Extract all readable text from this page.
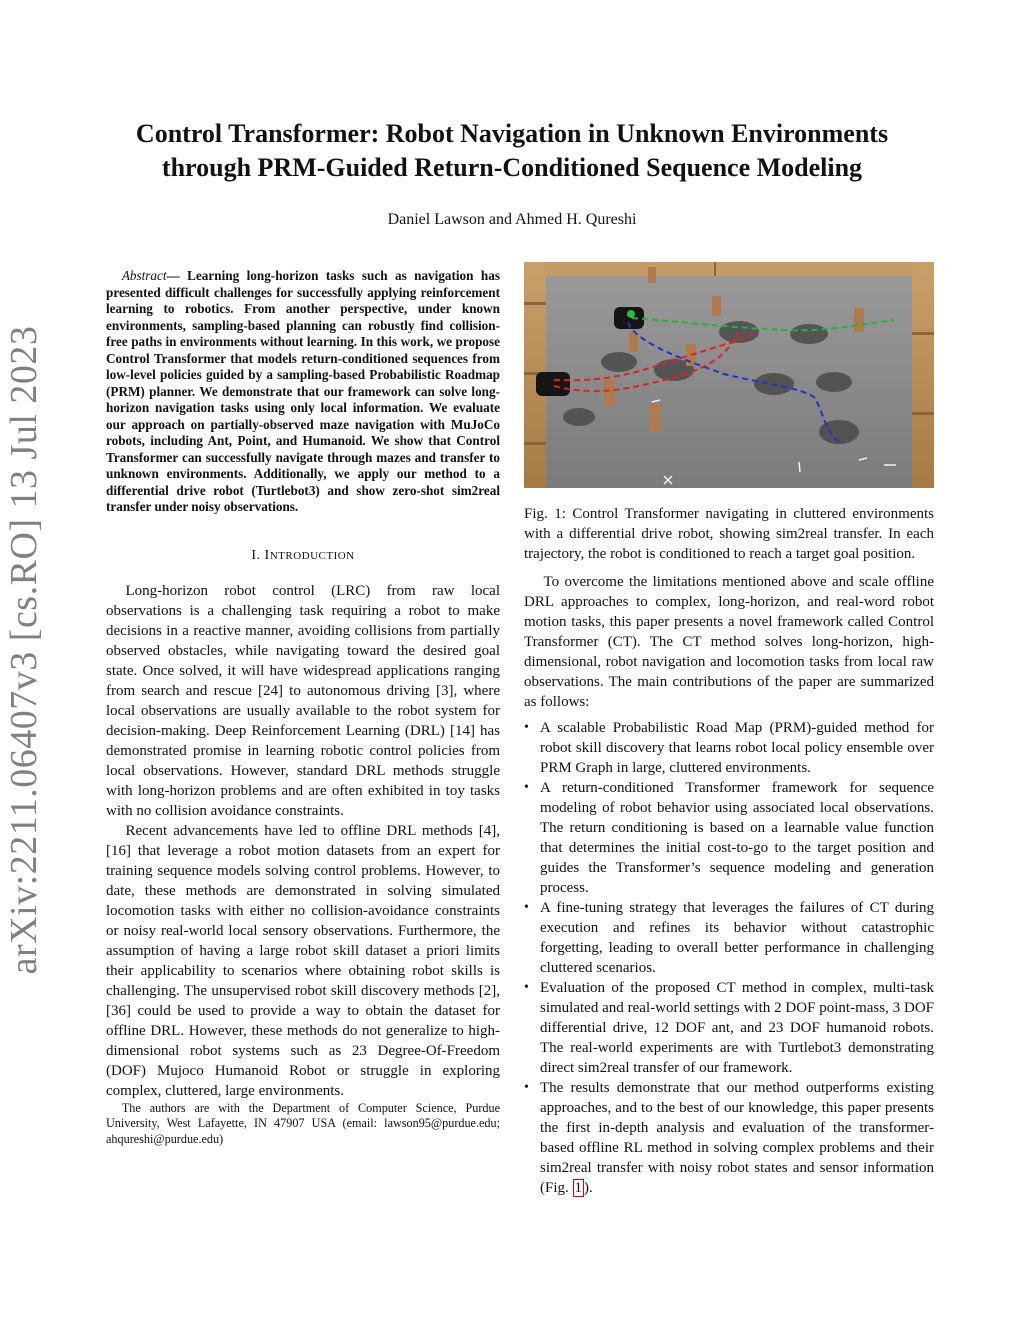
arXiv:2211.06407v3 [cs.RO] 13 Jul 2023
Control Transformer: Robot Navigation in Unknown Environments
through PRM-Guided Return-Conditioned Sequence Modeling
Daniel Lawson and Ahmed H. Qureshi

Abstract— Learning long-horizon tasks such as navigation has presented difficult challenges for successfully applying reinforcement learning to robotics. From another perspective, under known environments, sampling-based planning can robustly find collision-free paths in environments without learning. In this work, we propose Control Transformer that models return-conditioned sequences from low-level policies guided by a sampling-based Probabilistic Roadmap (PRM) planner. We demonstrate that our framework can solve long-horizon navigation tasks using only local information. We evaluate our approach on partially-observed maze navigation with MuJoCo robots, including Ant, Point, and Humanoid. We show that Control Transformer can successfully navigate through mazes and transfer to unknown environments. Additionally, we apply our method to a differential drive robot (Turtlebot3) and show zero-shot sim2real transfer under noisy observations.

I. INTRODUCTION

Long-horizon robot control (LRC) from raw local observations is a challenging task requiring a robot to make decisions in a reactive manner, avoiding collisions from partially observed obstacles, while navigating toward the desired goal state. Once solved, it will have widespread applications ranging from search and rescue [24] to autonomous driving [3], where local observations are usually available to the robot system for decision-making. Deep Reinforcement Learning (DRL) [14] has demonstrated promise in learning robotic control policies from local observations. However, standard DRL methods struggle with long-horizon problems and are often exhibited in toy tasks with no collision avoidance constraints.

Recent advancements have led to offline DRL methods [4], [16] that leverage a robot motion datasets from an expert for training sequence models solving control problems. However, to date, these methods are demonstrated in solving simulated locomotion tasks with either no collision-avoidance constraints or noisy real-world local sensory observations. Furthermore, the assumption of having a large robot skill dataset a priori limits their applicability to scenarios where obtaining robot skills is challenging. The unsupervised robot skill discovery methods [2], [36] could be used to provide a way to obtain the dataset for offline DRL. However, these methods do not generalize to high-dimensional robot systems such as 23 Degree-Of-Freedom (DOF) Mujoco Humanoid Robot or struggle in exploring complex, cluttered, large environments.

The authors are with the Department of Computer Science, Purdue University, West Lafayette, IN 47907 USA (email: lawson95@purdue.edu; ahqureshi@purdue.edu)

Fig. 1: Control Transformer navigating in cluttered environments with a differential drive robot, showing sim2real transfer. In each trajectory, the robot is conditioned to reach a target goal position.

To overcome the limitations mentioned above and scale offline DRL approaches to complex, long-horizon, and real-word robot motion tasks, this paper presents a novel framework called Control Transformer (CT). The CT method solves long-horizon, high-dimensional, robot navigation and locomotion tasks from local raw observations. The main contributions of the paper are summarized as follows:

• A scalable Probabilistic Road Map (PRM)-guided method for robot skill discovery that learns robot local policy ensemble over PRM Graph in large, cluttered environments.
• A return-conditioned Transformer framework for sequence modeling of robot behavior using associated local observations. The return conditioning is based on a learnable value function that determines the initial cost-to-go to the target position and guides the Transformer’s sequence modeling and generation process.
• A fine-tuning strategy that leverages the failures of CT during execution and refines its behavior without catastrophic forgetting, leading to overall better performance in challenging cluttered scenarios.
• Evaluation of the proposed CT method in complex, multi-task simulated and real-world settings with 2 DOF point-mass, 3 DOF differential drive, 12 DOF ant, and 23 DOF humanoid robots. The real-world experiments are with Turtlebot3 demonstrating direct sim2real transfer of our framework.
• The results demonstrate that our method outperforms existing approaches, and to the best of our knowledge, this paper presents the first in-depth analysis and evaluation of the transformer-based offline RL method in solving complex problems and their sim2real transfer with noisy robot states and sensor information (Fig. 1 ).
